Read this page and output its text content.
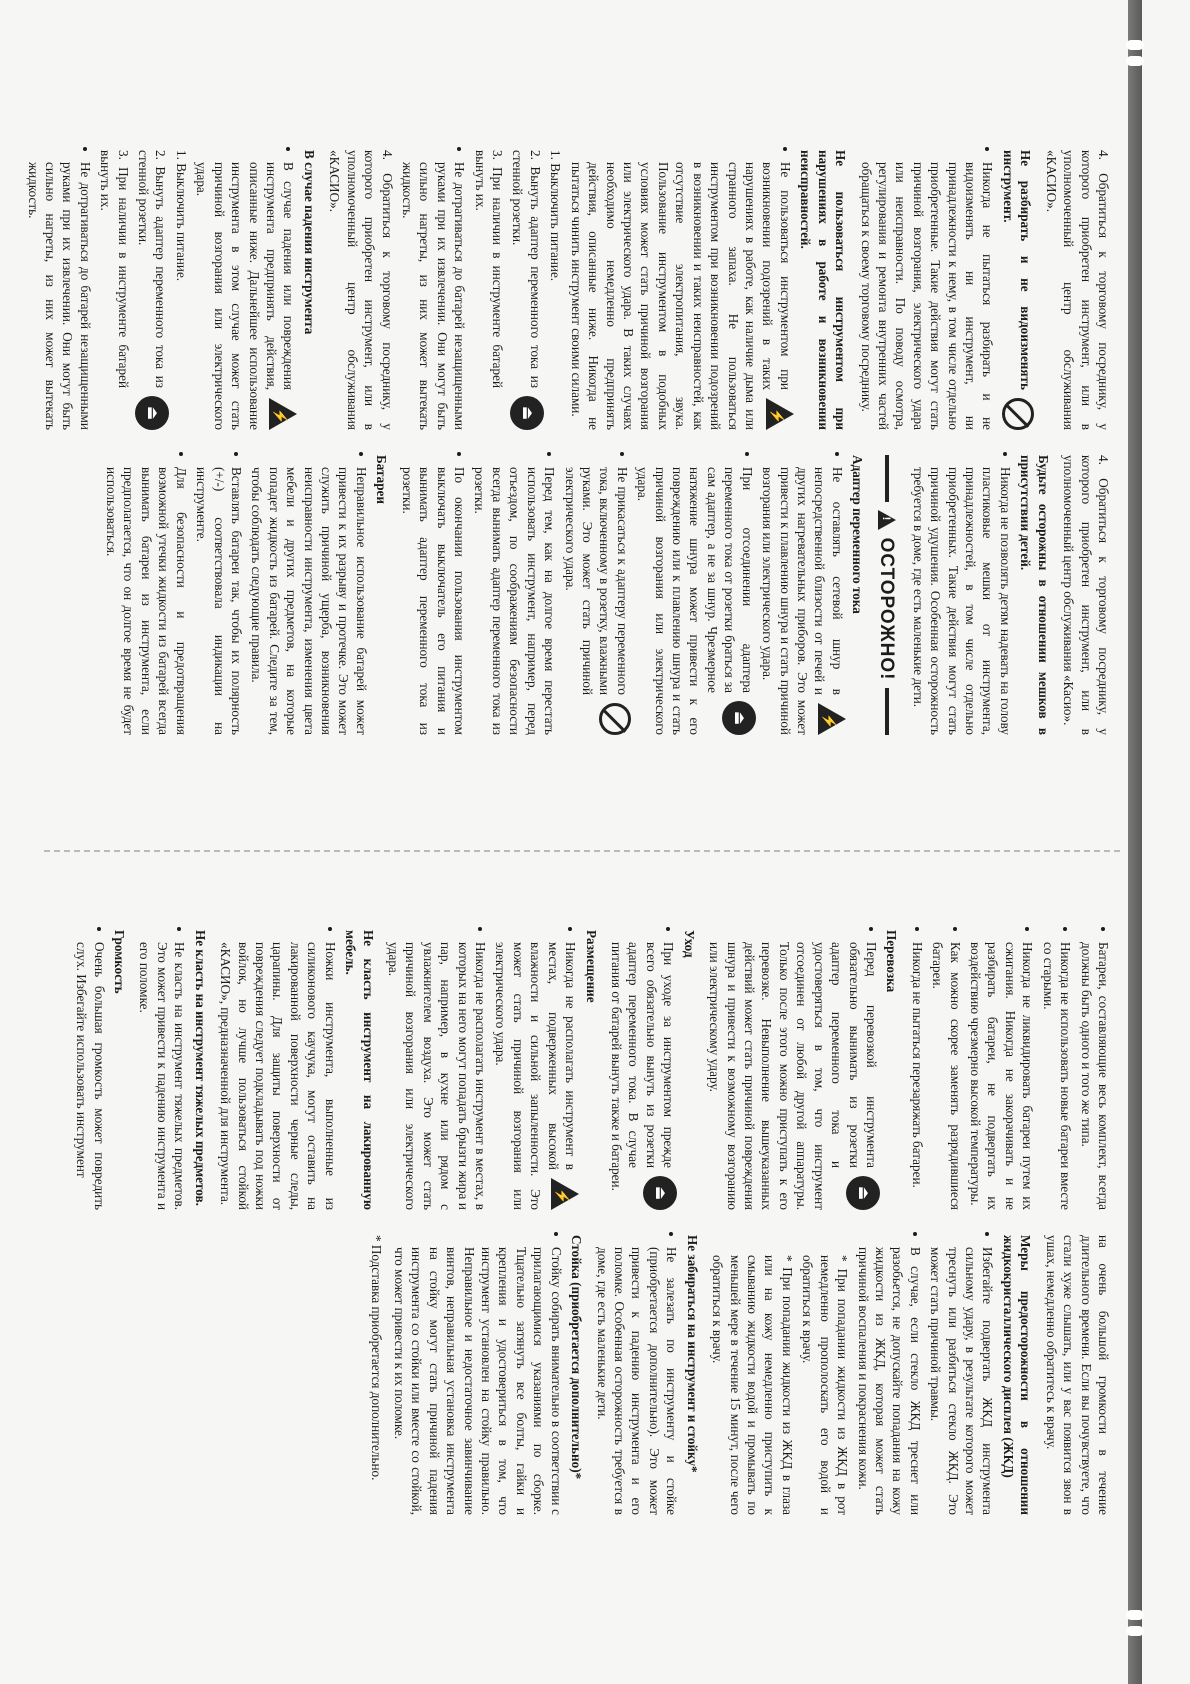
4. Обратиться к торговому посреднику, у которого приобретен инструмент, или в уполномоченный центр обслуживания «КАСИО».

Не разбирать и не видоизменять инструмент.
• Никогда не пытаться разбирать и не видоизменять ни инструмент, ни принадлежности к нему, в том числе отдельно приобретенные. Такие действия могут стать причиной возгорания, электрического удара или неисправности. По поводу осмотра, регулирования и ремонта внутренних частей обращаться к своему торговому посреднику.
Не пользоваться инструментом при нарушениях в работе и возникновении неисправностей.
⚡
• Не пользоваться инструментом при возникновении подозрений в таких нарушениях в работе, как наличие дыма или странного запаха. Не пользоваться инструментом при возникновении подозрений в возникновении и таких неисправностей, как отсутствие электропитания, звука. Пользование инструментом в подобных условиях может стать причиной возгорания или электрического удара. В таких случаях необходимо немедленно предпринять действия, описанные ниже. Никогда не пытаться чинить инструмент своими силами.

1. Выключить питание.

⏏
2. Вынуть адаптер переменного тока из стенной розетки.

3. При наличии в инструменте батарей вынуть их.

• Не дотрагиваться до батарей незащищенными руками при их извлечении. Они могут быть сильно нагреты, из них может вытекать жидкость.

4. Обратиться к торговому посреднику, у которого приобретен инструмент, или в уполномоченный центр обслуживания «КАСИО».

В случае падения инструмента
⚡
• В случае падения или повреждения инструмента предпринять действия, описанные ниже. Дальнейшее использование инструмента в этом случае может стать причиной возгорания или электрического удара.

1. Выключить питание.

⏏
2. Вынуть адаптер переменного тока из стенной розетки.

3. При наличии в инструменте батарей вынуть их.

• Не дотрагиваться до батарей незащищенными руками при их извлечении. Они могут быть сильно нагреты, из них может вытекать жидкость.

4. Обратиться к торговому посреднику, у которого приобретен инструмент, или в уполномоченный центр обслуживания «Касио».

Будьте осторожны в отношении мешков в присутствии детей.
• Никогда не позволять детям надевать на голову пластиковые мешки от инструмента, принадлежностей, в том числе отдельно приобретенных. Такие действия могут стать причиной удушения. Особенная осторожность требуется в доме, где есть маленькие дети.
!
ОСТОРОЖНО!
Адаптер переменного тока
⚡
• Не оставлять сетевой шнур в непосредственной близости от печей и других нагревательных приборов. Это может привести к плавлению шнура и стать причиной возгорания или электрического удара.
• ⏏
При отсоединении адаптера переменного тока от розетки браться за сам адаптер, а не за шнур. Чрезмерное натяжение шнура может привести к его повреждению или к плавлению шнура и стать причиной возгорания или электрического удара.
• Не прикасаться к адаптеру переменного тока, включенному в розетку, влажными руками. Это может стать причиной электрического удара.
• Перед тем, как на долгое время перестать использовать инструмент, например, перед отъездом, по соображениям безопасности всегда вынимать адаптер переменного тока из розетки.
• По окончании пользования инструментом выключать выключатель его питания и вынимать адаптер переменного тока из розетки.
Батареи
• Неправильное использование батарей может привести к их разрыву и протечке. Это может служить причиной ущерба, возникновения неисправности инструмента, изменения цвета мебели и других предметов, на которые попадет жидкость из батарей. Следите за тем, чтобы соблюдать следующие правила.
• Вставлять батареи так, чтобы их полярность (+/-) соответствовала индикации на инструменте.
• Для безопасности и предотвращения возможной утечки жидкости из батарей всегда вынимать батареи из инструмента, если предполагается, что он долгое время не будет использоваться.
• Батареи, составляющие весь комплект, всегда должны быть одного и того же типа.
• Никогда не использовать новые батареи вместе со старыми.
• Никогда не ликвидировать батареи путем их сжигания. Никогда не закорачивать и не разбирать батареи, не подвергать их воздействию чрезмерно высокой температуры.
• Как можно скорее заменять разрядившиеся батареи.
• Никогда не пытаться перезаряжать батареи.
Перевозка
• ⏏
Перед перевозкой инструмента обязательно вынимать из розетки адаптер переменного тока и удостоверяться в том, что инструмент отсоединен от любой другой аппаратуры. Только после этого можно приступать к его перевозке. Невыполнение вышеуказанных действий может стать причиной повреждения шнура и привести к возможному возгоранию или электрическому удару.
Уход
• ⏏
При уходе за инструментом прежде всего обязательно вынуть из розетки адаптер переменного тока. В случае питания от батарей вынуть также и батареи.
Размещение
⚡
• Никогда не располагать инструмент в местах, подверженных высокой влажности и сильной запыленности. Это может стать причиной возгорания или электрического удара.
• Никогда не располагать инструмент в местах, в которых на него могут попадать брызги жира и пар, например, в кухне или рядом с увлажнителем воздуха. Это может стать причиной возгорания или электрического удара.
Не класть инструмент на лакированную мебель.
• Ножки инструмента, выполненные из силиконового каучука, могут оставить на лакированной поверхности черные следы, царапины. Для защиты поверхности от повреждения следует подкладывать под ножки войлок, но лучше пользоваться стойкой «КАСИО», предназначенной для инструмента.
Не класть на инструмент тяжелых предметов.
• Не класть на инструмент тяжелых предметов. Это может привести к падению инструмента и его поломке.
Громкость
• Очень большая громкость может повредить слух. Избегайте использовать инструмент

на очень большой громкости в течение длительного времени. Если вы почувствуете, что стали хуже слышать, или у вас появится звон в ушах, немедленно обратитесь к врачу.

Меры предосторожности в отношении жидкокристаллического дисплея (ЖКД)
• Избегайте подвергать ЖКД инструмента сильному удару, в результате которого может треснуть или разбиться стекло ЖКД. Это может стать причиной травмы.
• В случае, если стекло ЖКД треснет или разобьется, не допускайте попадания на кожу жидкости из ЖКД, которая может стать причиной воспаления и покраснения кожи.

* При попадании жидкости из ЖКД в рот немедленно прополоскать его водой и обратиться к врачу.

* При попадании жидкости из ЖКД в глаза или на кожу немедленно приступить к смыванию жидкости водой и промывать по меньшей мере в течение 15 минут, после чего обратиться к врачу.

Не забираться на инструмент и стойку*
• Не залезать по инструменту и стойке (приобретается дополнительно). Это может привести к падению инструмента и его поломке. Особенная осторожность требуется в доме, где есть маленькие дети.
Стойка (приобретается дополнительно)*
• Стойку собирать внимательно в соответствии с прилагающимися указаниями по сборке. Тщательно затянуть все болты, гайки и крепления и удостовериться в том, что инструмент установлен на стойку правильно. Неправильное и недостаточное завинчивание винтов, неправильная установка инструмента на стойку могут стать причиной падения инструмента со стойки или вместе со стойкой, что может привести к их поломке.

* Подставка приобретается дополнительно.
